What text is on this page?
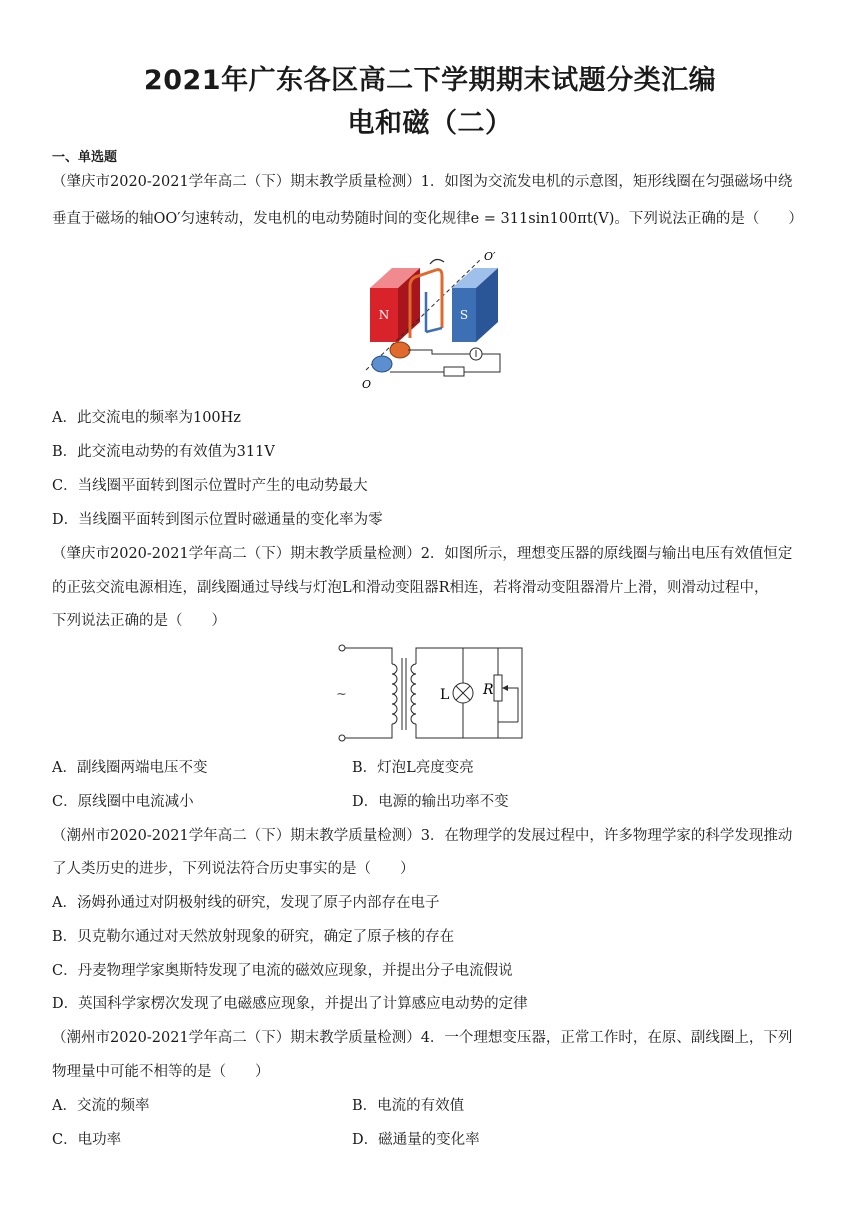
2021年广东各区高二下学期期末试题分类汇编
电和磁（二）
一、单选题
（肇庆市2020-2021学年高二（下）期末教学质量检测）1．如图为交流发电机的示意图，矩形线圈在匀强磁场中绕
垂直于磁场的轴OO′匀速转动，发电机的电动势随时间的变化规律e = 311sin100πt(V)。下列说法正确的是（　　）
N	S
O′
O
A．此交流电的频率为100Hz
B．此交流电动势的有效值为311V
C．当线圈平面转到图示位置时产生的电动势最大
D．当线圈平面转到图示位置时磁通量的变化率为零
（肇庆市2020-2021学年高二（下）期末教学质量检测）2．如图所示，理想变压器的原线圈与输出电压有效值恒定
的正弦交流电源相连，副线圈通过导线与灯泡L和滑动变阻器R相连，若将滑动变阻器滑片上滑，则滑动过程中，
下列说法正确的是（　　）
~	L R
A．副线圈两端电压不变	B．灯泡L亮度变亮
C．原线圈中电流减小	D．电源的输出功率不变
（潮州市2020-2021学年高二（下）期末教学质量检测）3．在物理学的发展过程中，许多物理学家的科学发现推动
了人类历史的进步，下列说法符合历史事实的是（　　）
A．汤姆孙通过对阴极射线的研究，发现了原子内部存在电子
B．贝克勒尔通过对天然放射现象的研究，确定了原子核的存在
C．丹麦物理学家奥斯特发现了电流的磁效应现象，并提出分子电流假说
D．英国科学家楞次发现了电磁感应现象，并提出了计算感应电动势的定律
（潮州市2020-2021学年高二（下）期末教学质量检测）4．一个理想变压器，正常工作时，在原、副线圈上，下列
物理量中可能不相等的是（　　）
A．交流的频率	B．电流的有效值
C．电功率	D．磁通量的变化率
